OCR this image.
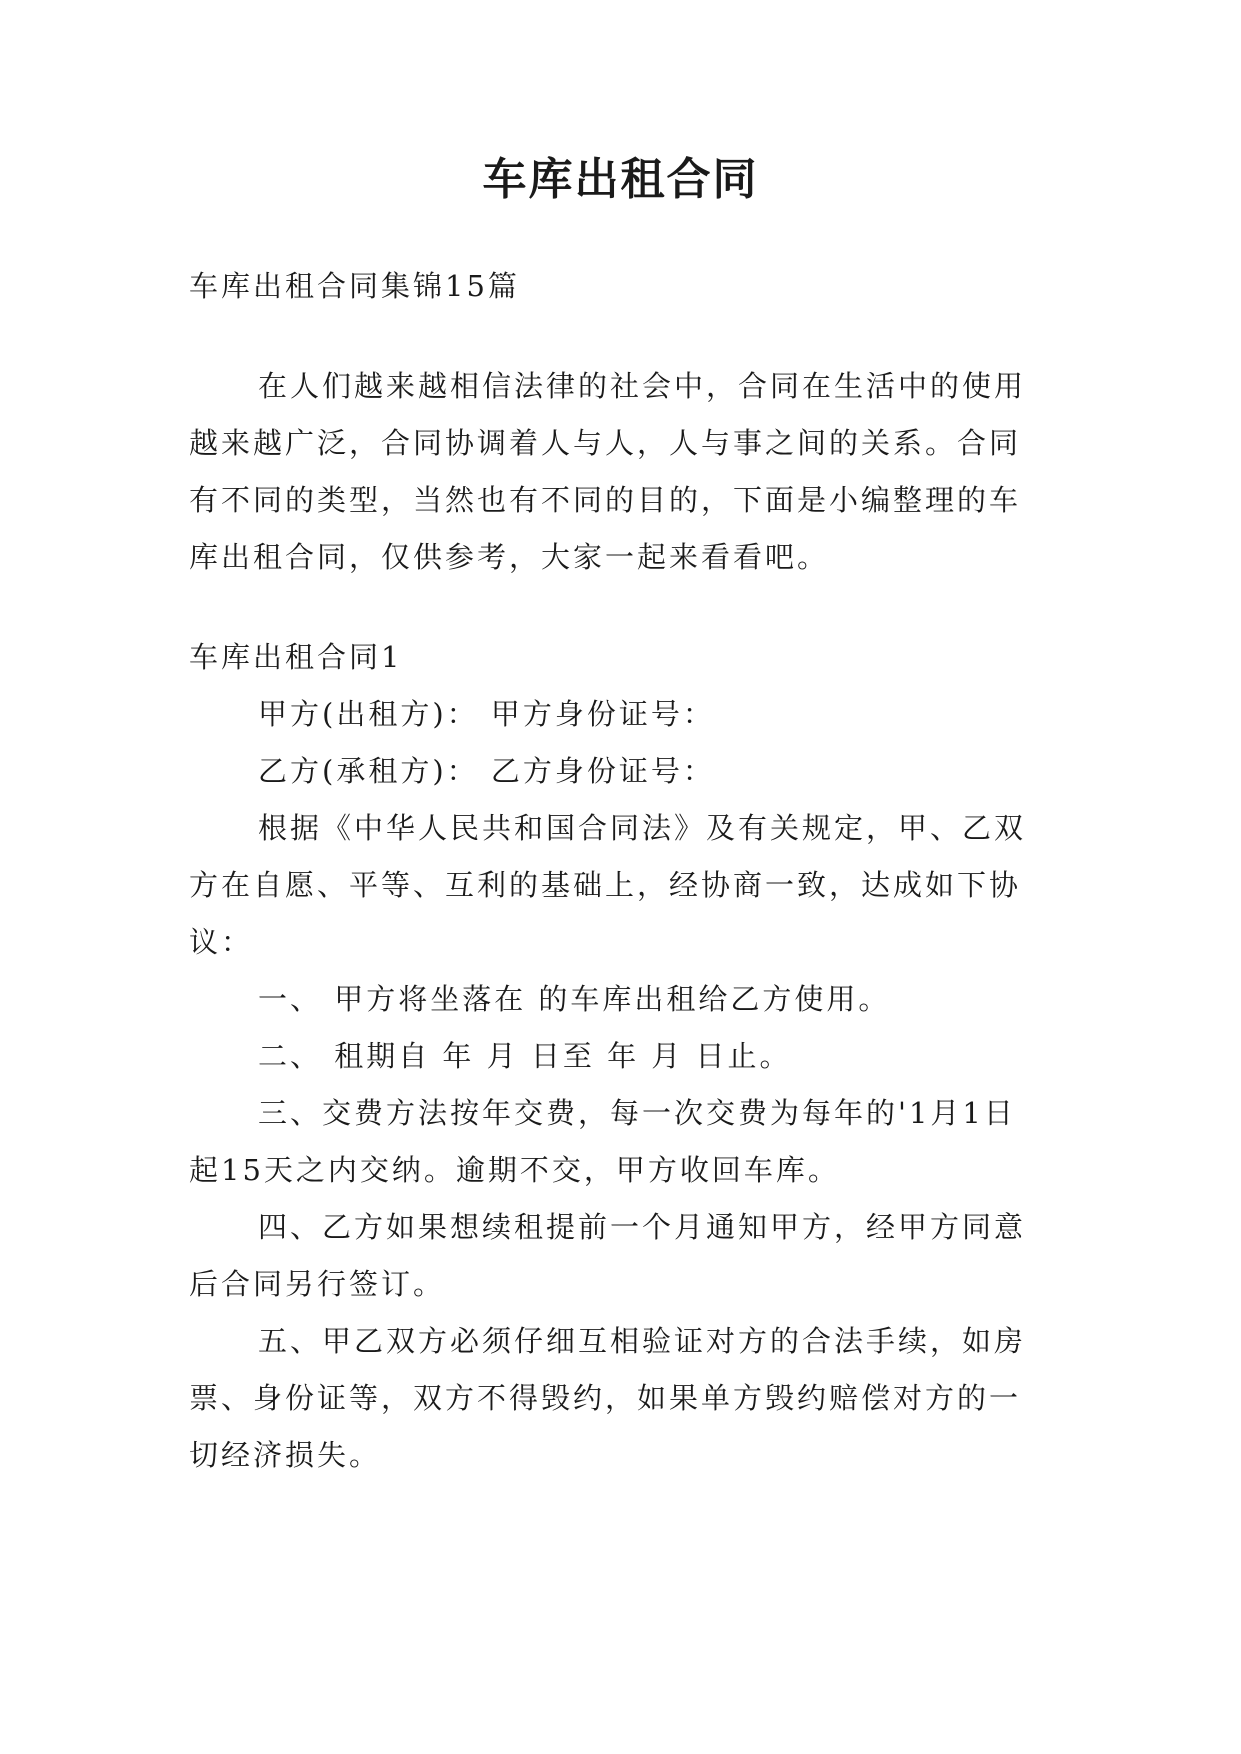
车库出租合同

车库出租合同集锦15篇

在人们越来越相信法律的社会中，合同在生活中的使用

越来越广泛，合同协调着人与人，人与事之间的关系。合同

有不同的类型，当然也有不同的目的，下面是小编整理的车

库出租合同，仅供参考，大家一起来看看吧。

车库出租合同1

甲方(出租方)： 甲方身份证号：

乙方(承租方)： 乙方身份证号：

根据《中华人民共和国合同法》及有关规定，甲、乙双

方在自愿、平等、互利的基础上，经协商一致，达成如下协

议：

一、 甲方将坐落在 的车库出租给乙方使用。

二、 租期自 年 月 日至 年 月 日止。

三、交费方法按年交费，每一次交费为每年的'1月1日

起15天之内交纳。逾期不交，甲方收回车库。

四、乙方如果想续租提前一个月通知甲方，经甲方同意

后合同另行签订。

五、甲乙双方必须仔细互相验证对方的合法手续，如房

票、身份证等，双方不得毁约，如果单方毁约赔偿对方的一

切经济损失。
